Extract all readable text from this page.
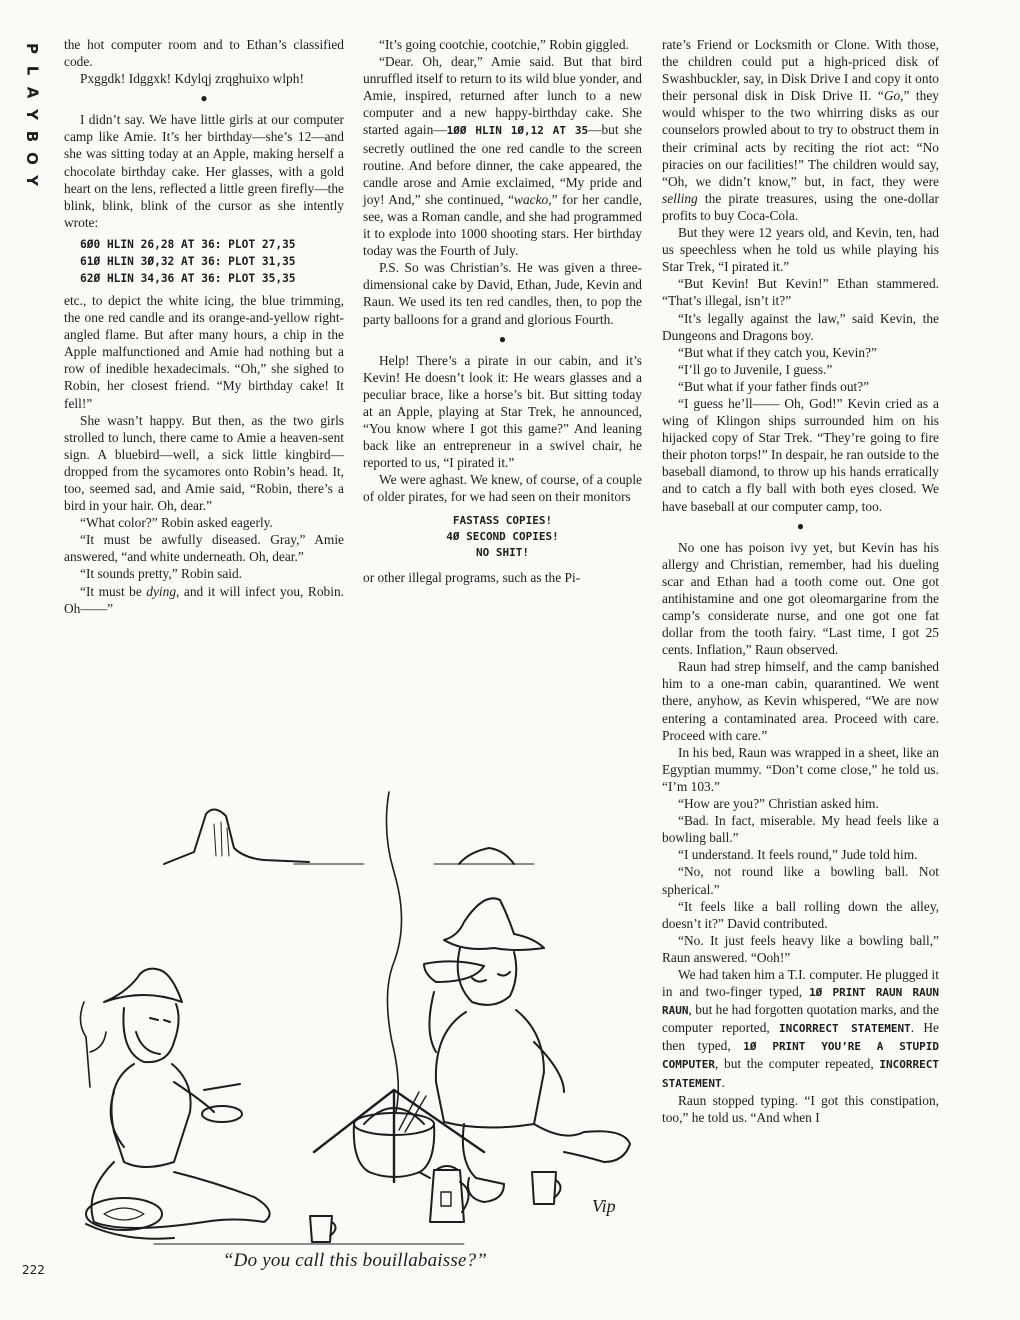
P
L
A
Y
B
O
Y

the hot computer room and to Ethan’s classified code.

Pxggdk! Idggxk! Kdylqj zrqghuixo wlph!

●

I didn’t say. We have little girls at our computer camp like Amie. It’s her birthday—she’s 12—and she was sitting today at an Apple, making herself a chocolate birthday cake. Her glasses, with a gold heart on the lens, reflected a little green firefly—the blink, blink, blink of the cursor as she intently wrote:

6Ø0 HLIN 26,28 AT 36: PLOT 27,35
61Ø HLIN 3Ø,32 AT 36: PLOT 31,35
62Ø HLIN 34,36 AT 36: PLOT 35,35

etc., to depict the white icing, the blue trimming, the one red candle and its orange-and-yellow right-angled flame. But after many hours, a chip in the Apple malfunctioned and Amie had nothing but a row of inedible hexadecimals. “Oh,” she sighed to Robin, her closest friend. “My birthday cake! It fell!”

She wasn’t happy. But then, as the two girls strolled to lunch, there came to Amie a heaven-sent sign. A bluebird—well, a sick little kingbird—dropped from the sycamores onto Robin’s head. It, too, seemed sad, and Amie said, “Robin, there’s a bird in your hair. Oh, dear.”

“What color?” Robin asked eagerly.

“It must be awfully diseased. Gray,” Amie answered, “and white underneath. Oh, dear.”

“It sounds pretty,” Robin said.

“It must be dying, and it will infect you, Robin. Oh——”

“It’s going cootchie, cootchie,” Robin giggled.

“Dear. Oh, dear,” Amie said. But that bird unruffled itself to return to its wild blue yonder, and Amie, inspired, returned after lunch to a new computer and a new happy-birthday cake. She started again—1ØØ HLIN 1Ø,12 AT 35—but she secretly outlined the one red candle to the screen routine. And before dinner, the cake appeared, the candle arose and Amie exclaimed, “My pride and joy! And,” she continued, “wacko,” for her candle, see, was a Roman candle, and she had programmed it to explode into 1000 shooting stars. Her birthday today was the Fourth of July.

P.S. So was Christian’s. He was given a three-dimensional cake by David, Ethan, Jude, Kevin and Raun. We used its ten red candles, then, to pop the party balloons for a grand and glorious Fourth.

●

Help! There’s a pirate in our cabin, and it’s Kevin! He doesn’t look it: He wears glasses and a peculiar brace, like a horse’s bit. But sitting today at an Apple, playing at Star Trek, he announced, “You know where I got this game?” And leaning back like an entrepreneur in a swivel chair, he reported to us, “I pirated it.”

We were aghast. We knew, of course, of a couple of older pirates, for we had seen on their monitors

FASTASS COPIES!
4Ø SECOND COPIES!
NO SHIT!

or other illegal programs, such as the Pi-

rate’s Friend or Locksmith or Clone. With those, the children could put a high-priced disk of Swashbuckler, say, in Disk Drive I and copy it onto their personal disk in Disk Drive II. “Go,” they would whisper to the two whirring disks as our counselors prowled about to try to obstruct them in their criminal acts by reciting the riot act: “No piracies on our facilities!” The children would say, “Oh, we didn’t know,” but, in fact, they were selling the pirate treasures, using the one-dollar profits to buy Coca-Cola.

But they were 12 years old, and Kevin, ten, had us speechless when he told us while playing his Star Trek, “I pirated it.”

“But Kevin! But Kevin!” Ethan stammered. “That’s illegal, isn’t it?”

“It’s legally against the law,” said Kevin, the Dungeons and Dragons boy.

“But what if they catch you, Kevin?”

“I’ll go to Juvenile, I guess.”

“But what if your father finds out?”

“I guess he’ll—— Oh, God!” Kevin cried as a wing of Klingon ships surrounded him on his hijacked copy of Star Trek. “They’re going to fire their photon torps!” In despair, he ran outside to the baseball diamond, to throw up his hands erratically and to catch a fly ball with both eyes closed. We have baseball at our computer camp, too.

●

No one has poison ivy yet, but Kevin has his allergy and Christian, remember, had his dueling scar and Ethan had a tooth come out. One got antihistamine and one got oleomargarine from the camp’s considerate nurse, and one got one fat dollar from the tooth fairy. “Last time, I got 25 cents. Inflation,” Raun observed.

Raun had strep himself, and the camp banished him to a one-man cabin, quarantined. We went there, anyhow, as Kevin whispered, “We are now entering a contaminated area. Proceed with care. Proceed with care.”

In his bed, Raun was wrapped in a sheet, like an Egyptian mummy. “Don’t come close,” he told us. “I’m 103.”

“How are you?” Christian asked him.

“Bad. In fact, miserable. My head feels like a bowling ball.”

“I understand. It feels round,” Jude told him.

“No, not round like a bowling ball. Not spherical.”

“It feels like a ball rolling down the alley, doesn’t it?” David contributed.

“No. It just feels heavy like a bowling ball,” Raun answered. “Ooh!”

We had taken him a T.I. computer. He plugged it in and two-finger typed, 1Ø PRINT RAUN RAUN RAUN, but he had forgotten quotation marks, and the computer reported, INCORRECT STATEMENT. He then typed, 1Ø PRINT YOU’RE A STUPID COMPUTER, but the computer repeated, INCORRECT STATEMENT.

Raun stopped typing. “I got this constipation, too,” he told us. “And when I

Vip
“Do you call this bouillabaisse?”
222
